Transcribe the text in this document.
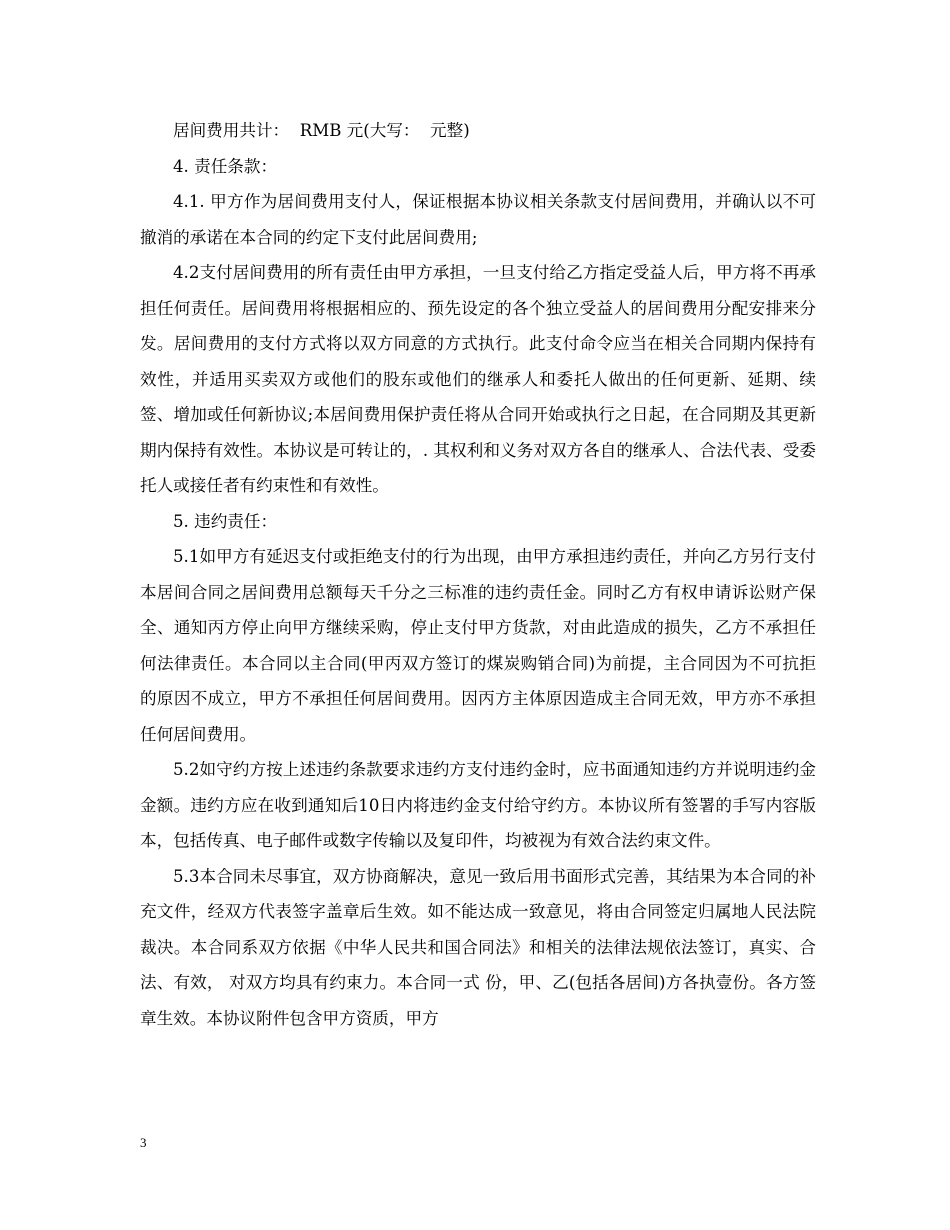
居间费用共计：  RMB 元(大写：  元整)

4. 责任条款：

4.1. 甲方作为居间费用支付人，保证根据本协议相关条款支付居间费用，并确认以不可撤消的承诺在本合同的约定下支付此居间费用;

4.2支付居间费用的所有责任由甲方承担，一旦支付给乙方指定受益人后，甲方将不再承担任何责任。居间费用将根据相应的、预先设定的各个独立受益人的居间费用分配安排来分发。居间费用的支付方式将以双方同意的方式执行。此支付命令应当在相关合同期内保持有效性，并适用买卖双方或他们的股东或他们的继承人和委托人做出的任何更新、延期、续签、增加或任何新协议;本居间费用保护责任将从合同开始或执行之日起，在合同期及其更新期内保持有效性。本协议是可转让的，. 其权利和义务对双方各自的继承人、合法代表、受委托人或接任者有约束性和有效性。

5. 违约责任：

5.1如甲方有延迟支付或拒绝支付的行为出现，由甲方承担违约责任，并向乙方另行支付本居间合同之居间费用总额每天千分之三标准的违约责任金。同时乙方有权申请诉讼财产保全、通知丙方停止向甲方继续采购，停止支付甲方货款，对由此造成的损失，乙方不承担任何法律责任。本合同以主合同(甲丙双方签订的煤炭购销合同)为前提，主合同因为不可抗拒的原因不成立，甲方不承担任何居间费用。因丙方主体原因造成主合同无效，甲方亦不承担任何居间费用。

5.2如守约方按上述违约条款要求违约方支付违约金时，应书面通知违约方并说明违约金金额。违约方应在收到通知后10日内将违约金支付给守约方。本协议所有签署的手写内容版本，包括传真、电子邮件或数字传输以及复印件，均被视为有效合法约束文件。

5.3本合同未尽事宜，双方协商解决，意见一致后用书面形式完善，其结果为本合同的补充文件，经双方代表签字盖章后生效。如不能达成一致意见，将由合同签定归属地人民法院裁决。本合同系双方依据《中华人民共和国合同法》和相关的法律法规依法签订，真实、合法、有效， 对双方均具有约束力。本合同一式 份，甲、乙(包括各居间)方各执壹份。各方签章生效。本协议附件包含甲方资质，甲方

3
